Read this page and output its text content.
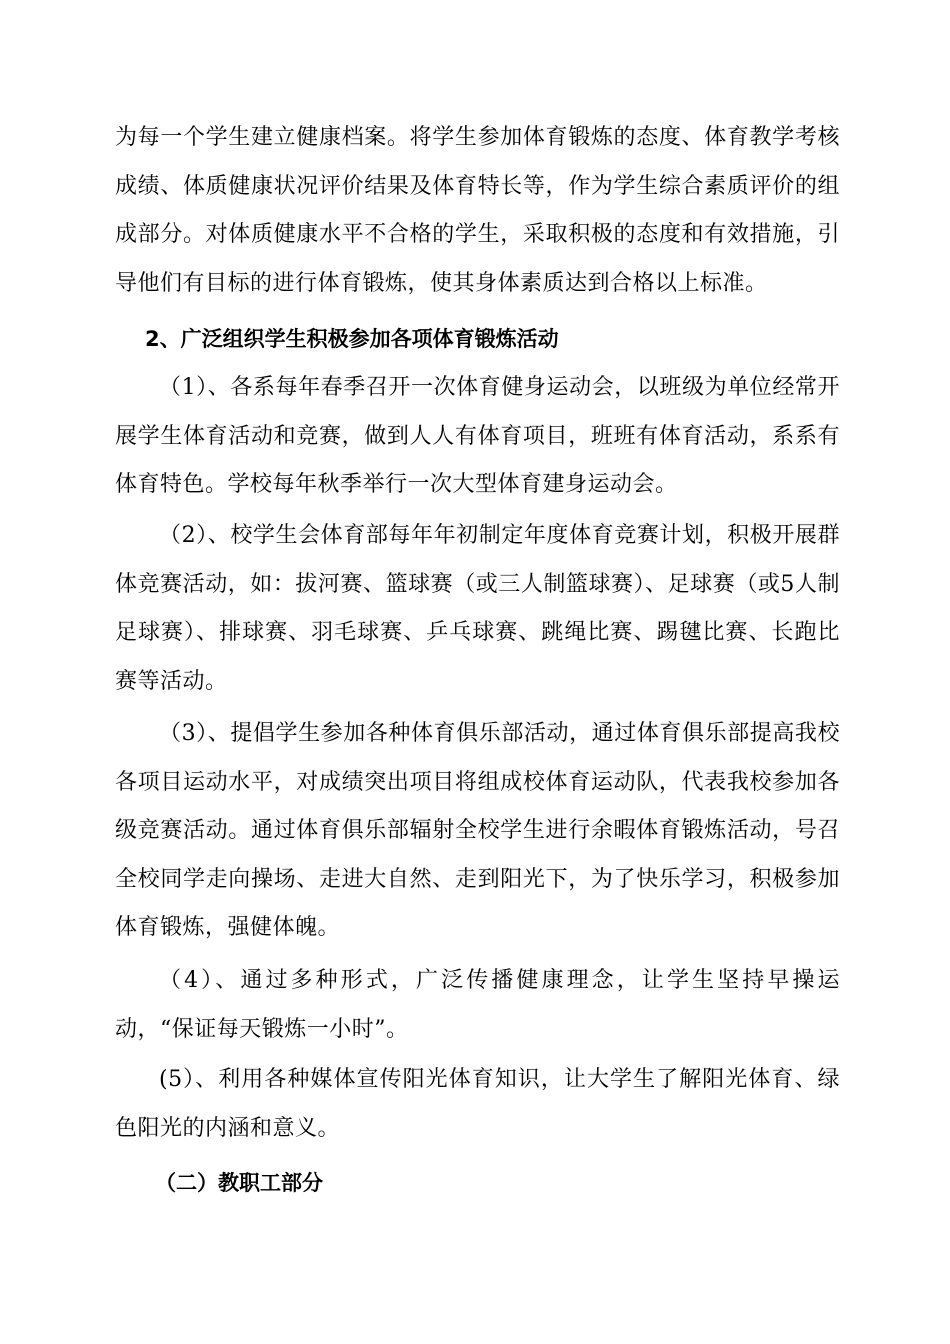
为每一个学生建立健康档案。将学生参加体育锻炼的态度、体育教学考核成绩、体质健康状况评价结果及体育特长等，作为学生综合素质评价的组成部分。对体质健康水平不合格的学生，采取积极的态度和有效措施，引导他们有目标的进行体育锻炼，使其身体素质达到合格以上标准。

2、广泛组织学生积极参加各项体育锻炼活动

（1）、各系每年春季召开一次体育健身运动会，以班级为单位经常开展学生体育活动和竞赛，做到人人有体育项目，班班有体育活动，系系有体育特色。学校每年秋季举行一次大型体育建身运动会。

（2）、校学生会体育部每年年初制定年度体育竞赛计划，积极开展群体竞赛活动，如：拔河赛、篮球赛（或三人制篮球赛）、足球赛（或5人制足球赛）、排球赛、羽毛球赛、乒乓球赛、跳绳比赛、踢毽比赛、长跑比赛等活动。

（3）、提倡学生参加各种体育俱乐部活动，通过体育俱乐部提高我校各项目运动水平，对成绩突出项目将组成校体育运动队，代表我校参加各级竞赛活动。通过体育俱乐部辐射全校学生进行余暇体育锻炼活动，号召全校同学走向操场、走进大自然、走到阳光下，为了快乐学习，积极参加体育锻炼，强健体魄。

（4）、通过多种形式，广泛传播健康理念，让学生坚持早操运动，“保证每天锻炼一小时”。

(5）、利用各种媒体宣传阳光体育知识，让大学生了解阳光体育、绿色阳光的内涵和意义。

（二）教职工部分
